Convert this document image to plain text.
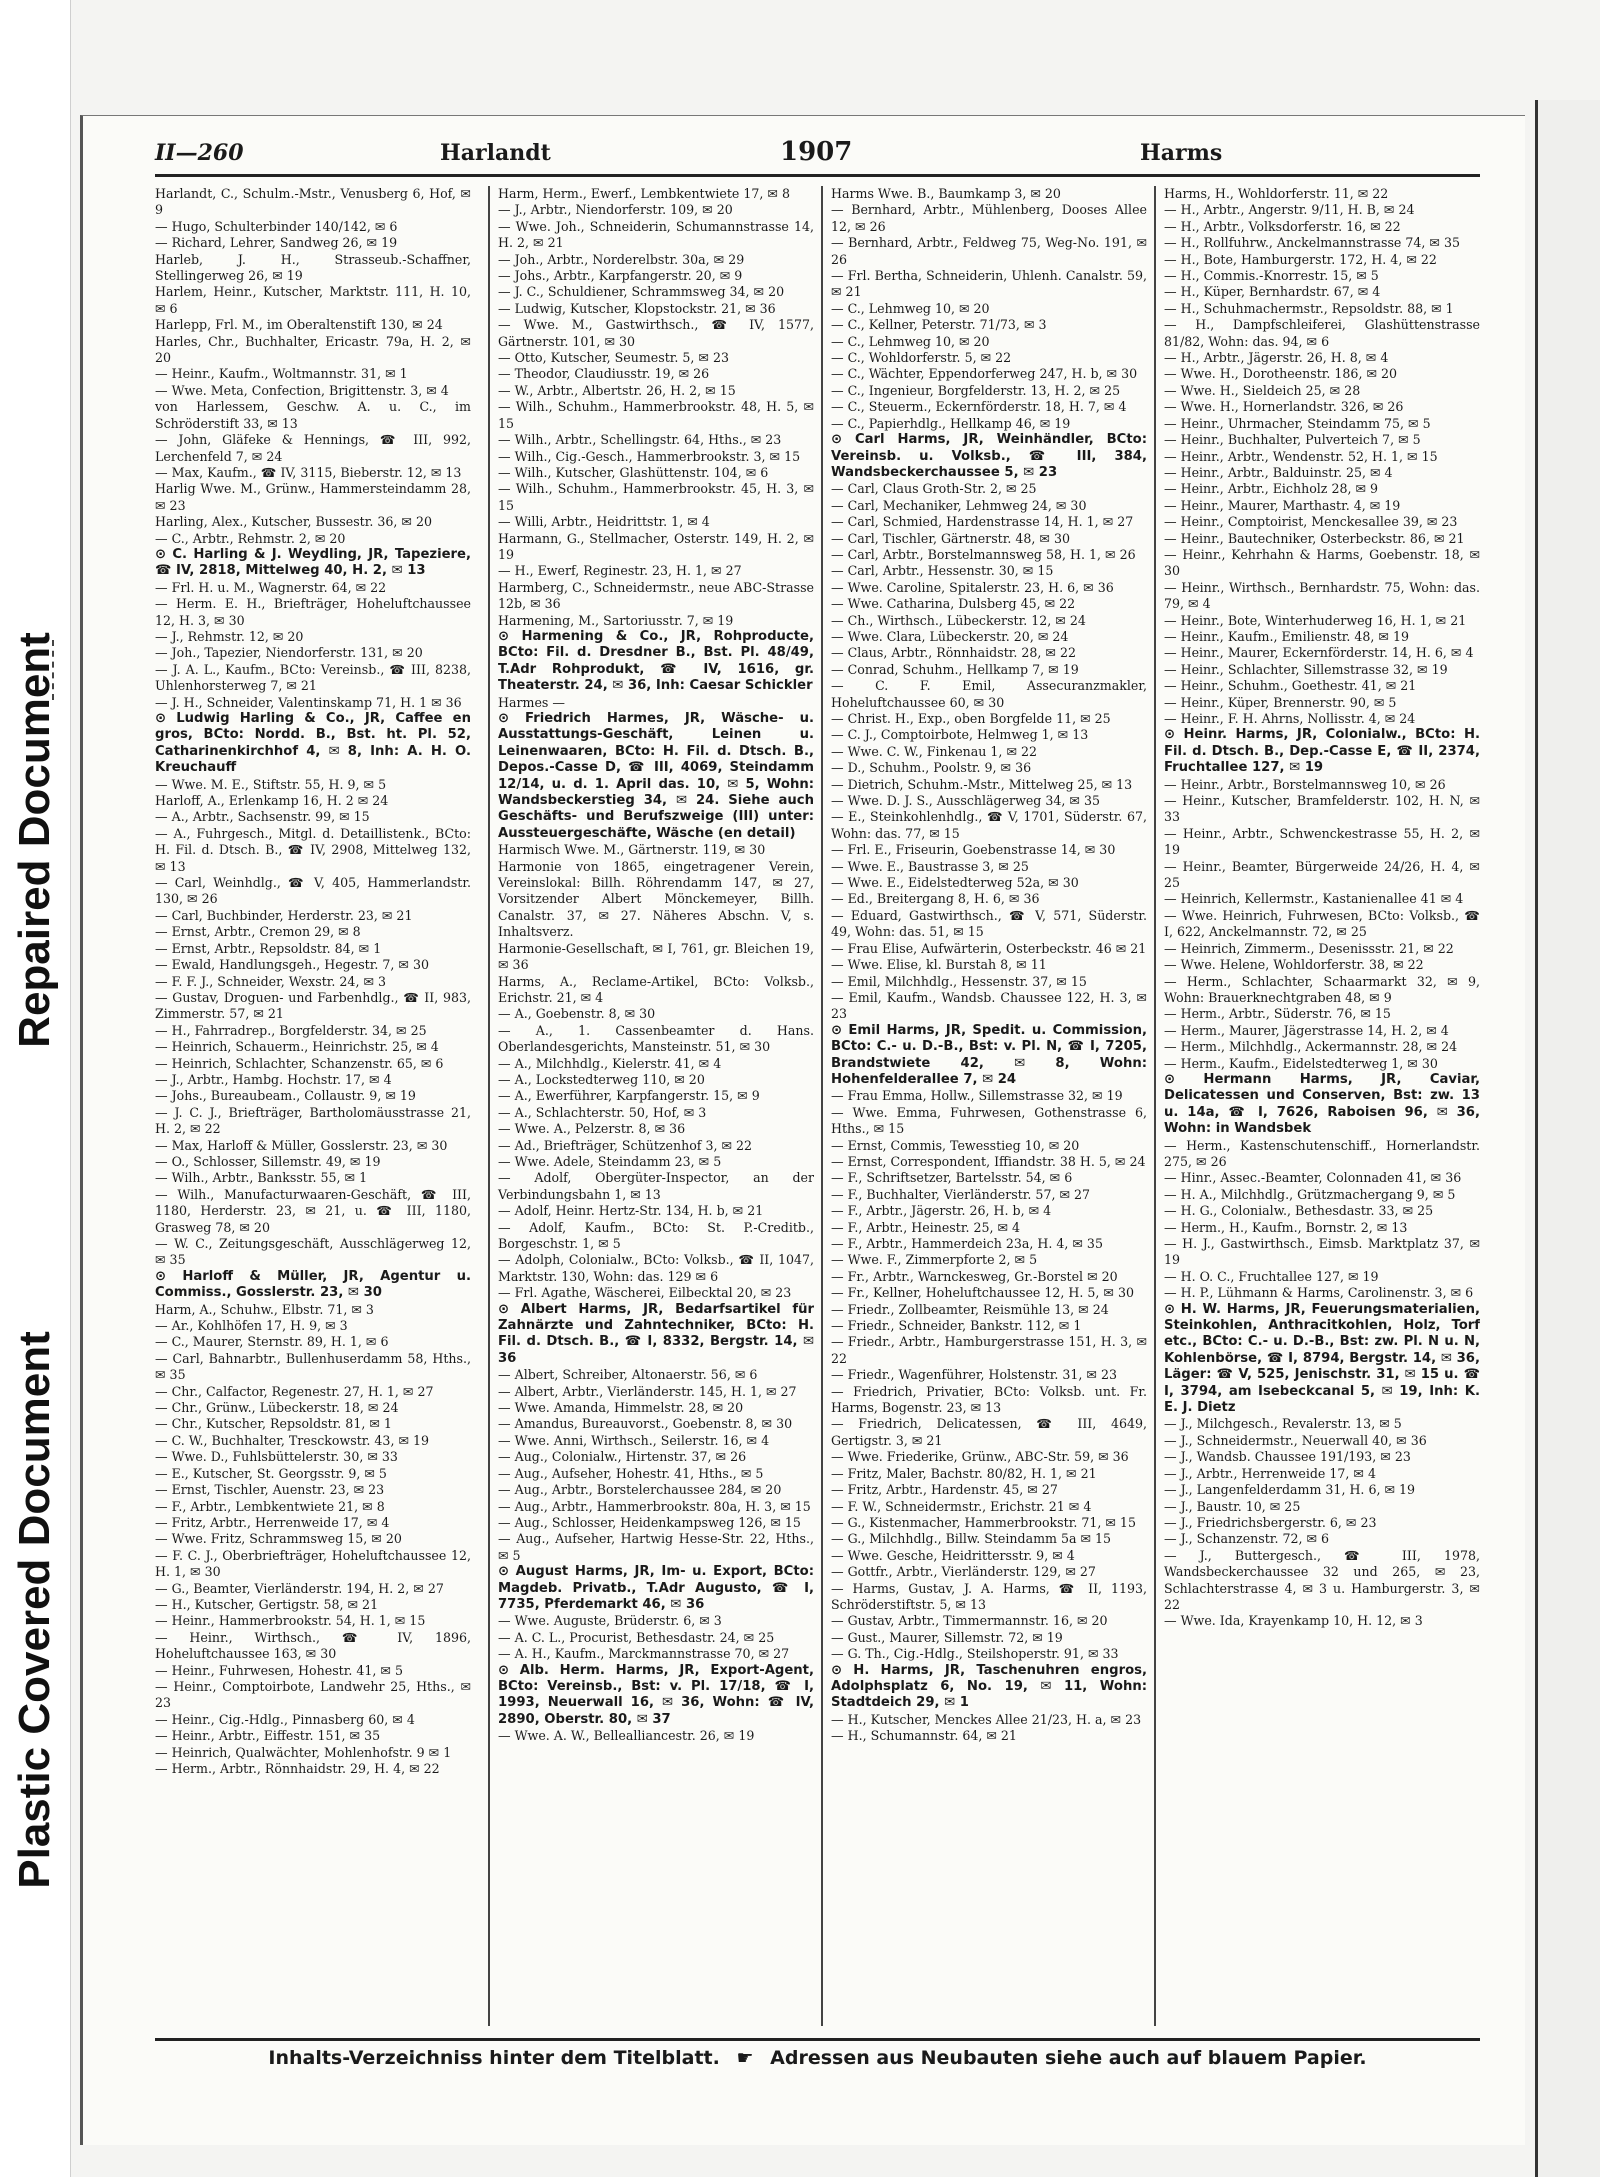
Repaired Document
Plastic Covered Document
II—260	Harlandt	1907	Harms

Harlandt, C., Schulm.-Mstr., Venusberg 6, Hof, ✉ 9

— Hugo, Schulterbinder 140/142, ✉ 6

— Richard, Lehrer, Sandweg 26, ✉ 19

Harleb, J. H., Strasseub.-Schaffner, Stellingerweg 26, ✉ 19

Harlem, Heinr., Kutscher, Marktstr. 111, H. 10, ✉ 6

Harlepp, Frl. M., im Oberaltenstift 130, ✉ 24

Harles, Chr., Buchhalter, Ericastr. 79a, H. 2, ✉ 20

— Heinr., Kaufm., Woltmannstr. 31, ✉ 1

— Wwe. Meta, Confection, Brigittenstr. 3, ✉ 4

von Harlessem, Geschw. A. u. C., im Schröderstift 33, ✉ 13

— John, Gläfeke & Hennings, ☎ III, 992, Lerchenfeld 7, ✉ 24

— Max, Kaufm., ☎ IV, 3115, Bieberstr. 12, ✉ 13

Harlig Wwe. M., Grünw., Hammersteindamm 28, ✉ 23

Harling, Alex., Kutscher, Bussestr. 36, ✉ 20

— C., Arbtr., Rehmstr. 2, ✉ 20

⊙ C. Harling & J. Weydling, JR, Tapeziere, ☎ IV, 2818, Mittelweg 40, H. 2, ✉ 13

— Frl. H. u. M., Wagnerstr. 64, ✉ 22

— Herm. E. H., Briefträger, Hoheluftchaussee 12, H. 3, ✉ 30

— J., Rehmstr. 12, ✉ 20

— Joh., Tapezier, Niendorferstr. 131, ✉ 20

— J. A. L., Kaufm., BCto: Vereinsb., ☎ III, 8238, Uhlenhorsterweg 7, ✉ 21

— J. H., Schneider, Valentinskamp 71, H. 1 ✉ 36

⊙ Ludwig Harling & Co., JR, Caffee en gros, BCto: Nordd. B., Bst. ht. Pl. 52, Catharinenkirchhof 4, ✉ 8, Inh: A. H. O. Kreuchauff

— Wwe. M. E., Stiftstr. 55, H. 9, ✉ 5

Harloff, A., Erlenkamp 16, H. 2 ✉ 24

— A., Arbtr., Sachsenstr. 99, ✉ 15

— A., Fuhrgesch., Mitgl. d. Detaillistenk., BCto: H. Fil. d. Dtsch. B., ☎ IV, 2908, Mittelweg 132, ✉ 13

— Carl, Weinhdlg., ☎ V, 405, Hammerlandstr. 130, ✉ 26

— Carl, Buchbinder, Herderstr. 23, ✉ 21

— Ernst, Arbtr., Cremon 29, ✉ 8

— Ernst, Arbtr., Repsoldstr. 84, ✉ 1

— Ewald, Handlungsgeh., Hegestr. 7, ✉ 30

— F. F. J., Schneider, Wexstr. 24, ✉ 3

— Gustav, Droguen- und Farbenhdlg., ☎ II, 983, Zimmerstr. 57, ✉ 21

— H., Fahrradrep., Borgfelderstr. 34, ✉ 25

— Heinrich, Schauerm., Heinrichstr. 25, ✉ 4

— Heinrich, Schlachter, Schanzenstr. 65, ✉ 6

— J., Arbtr., Hambg. Hochstr. 17, ✉ 4

— Johs., Bureaubeam., Collaustr. 9, ✉ 19

— J. C. J., Briefträger, Bartholomäusstrasse 21, H. 2, ✉ 22

— Max, Harloff & Müller, Gosslerstr. 23, ✉ 30

— O., Schlosser, Sillemstr. 49, ✉ 19

— Wilh., Arbtr., Banksstr. 55, ✉ 1

— Wilh., Manufacturwaaren-Geschäft, ☎ III, 1180, Herderstr. 23, ✉ 21, u. ☎ III, 1180, Grasweg 78, ✉ 20

— W. C., Zeitungsgeschäft, Ausschlägerweg 12, ✉ 35

⊙ Harloff & Müller, JR, Agentur u. Commiss., Gosslerstr. 23, ✉ 30

Harm, A., Schuhw., Elbstr. 71, ✉ 3

— Ar., Kohlhöfen 17, H. 9, ✉ 3

— C., Maurer, Sternstr. 89, H. 1, ✉ 6

— Carl, Bahnarbtr., Bullenhuserdamm 58, Hths., ✉ 35

— Chr., Calfactor, Regenestr. 27, H. 1, ✉ 27

— Chr., Grünw., Lübeckerstr. 18, ✉ 24

— Chr., Kutscher, Repsoldstr. 81, ✉ 1

— C. W., Buchhalter, Tresckowstr. 43, ✉ 19

— Wwe. D., Fuhlsbüttelerstr. 30, ✉ 33

— E., Kutscher, St. Georgsstr. 9, ✉ 5

— Ernst, Tischler, Auenstr. 23, ✉ 23

— F., Arbtr., Lembkentwiete 21, ✉ 8

— Fritz, Arbtr., Herrenweide 17, ✉ 4

— Wwe. Fritz, Schrammsweg 15, ✉ 20

— F. C. J., Oberbriefträger, Hoheluftchaussee 12, H. 1, ✉ 30

— G., Beamter, Vierländerstr. 194, H. 2, ✉ 27

— H., Kutscher, Gertigstr. 58, ✉ 21

— Heinr., Hammerbrookstr. 54, H. 1, ✉ 15

— Heinr., Wirthsch., ☎ IV, 1896, Hoheluftchaussee 163, ✉ 30

— Heinr., Fuhrwesen, Hohestr. 41, ✉ 5

— Heinr., Comptoirbote, Landwehr 25, Hths., ✉ 23

— Heinr., Cig.-Hdlg., Pinnasberg 60, ✉ 4

— Heinr., Arbtr., Eiffestr. 151, ✉ 35

— Heinrich, Qualwächter, Mohlenhofstr. 9 ✉ 1

— Herm., Arbtr., Rönnhaidstr. 29, H. 4, ✉ 22

Harm, Herm., Ewerf., Lembkentwiete 17, ✉ 8

— J., Arbtr., Niendorferstr. 109, ✉ 20

— Wwe. Joh., Schneiderin, Schumannstrasse 14, H. 2, ✉ 21

— Joh., Arbtr., Norderelbstr. 30a, ✉ 29

— Johs., Arbtr., Karpfangerstr. 20, ✉ 9

— J. C., Schuldiener, Schrammsweg 34, ✉ 20

— Ludwig, Kutscher, Klopstockstr. 21, ✉ 36

— Wwe. M., Gastwirthsch., ☎ IV, 1577, Gärtnerstr. 101, ✉ 30

— Otto, Kutscher, Seumestr. 5, ✉ 23

— Theodor, Claudiusstr. 19, ✉ 26

— W., Arbtr., Albertstr. 26, H. 2, ✉ 15

— Wilh., Schuhm., Hammerbrookstr. 48, H. 5, ✉ 15

— Wilh., Arbtr., Schellingstr. 64, Hths., ✉ 23

— Wilh., Cig.-Gesch., Hammerbrookstr. 3, ✉ 15

— Wilh., Kutscher, Glashüttenstr. 104, ✉ 6

— Wilh., Schuhm., Hammerbrookstr. 45, H. 3, ✉ 15

— Willi, Arbtr., Heidrittstr. 1, ✉ 4

Harmann, G., Stellmacher, Osterstr. 149, H. 2, ✉ 19

— H., Ewerf, Reginestr. 23, H. 1, ✉ 27

Harmberg, C., Schneidermstr., neue ABC-Strasse 12b, ✉ 36

Harmening, M., Sartoriusstr. 7, ✉ 19

⊙ Harmening & Co., JR, Rohproducte, BCto: Fil. d. Dresdner B., Bst. Pl. 48/49, T.Adr Rohprodukt, ☎ IV, 1616, gr. Theaterstr. 24, ✉ 36, Inh: Caesar Schickler

Harmes —

⊙ Friedrich Harmes, JR, Wäsche- u. Ausstattungs-Geschäft, Leinen u. Leinenwaaren, BCto: H. Fil. d. Dtsch. B., Depos.-Casse D, ☎ III, 4069, Steindamm 12/14, u. d. 1. April das. 10, ✉ 5, Wohn: Wandsbeckerstieg 34, ✉ 24. Siehe auch Geschäfts- und Berufszweige (III) unter: Aussteuergeschäfte, Wäsche (en detail)

Harmisch Wwe. M., Gärtnerstr. 119, ✉ 30

Harmonie von 1865, eingetragener Verein, Vereinslokal: Billh. Röhrendamm 147, ✉ 27, Vorsitzender Albert Mönckemeyer, Billh. Canalstr. 37, ✉ 27. Näheres Abschn. V, s. Inhaltsverz.

Harmonie-Gesellschaft, ✉ I, 761, gr. Bleichen 19, ✉ 36

Harms, A., Reclame-Artikel, BCto: Volksb., Erichstr. 21, ✉ 4

— A., Goebenstr. 8, ✉ 30

— A., 1. Cassenbeamter d. Hans. Oberlandesgerichts, Mansteinstr. 51, ✉ 30

— A., Milchhdlg., Kielerstr. 41, ✉ 4

— A., Lockstedterweg 110, ✉ 20

— A., Ewerführer, Karpfangerstr. 15, ✉ 9

— A., Schlachterstr. 50, Hof, ✉ 3

— Wwe. A., Pelzerstr. 8, ✉ 36

— Ad., Briefträger, Schützenhof 3, ✉ 22

— Wwe. Adele, Steindamm 23, ✉ 5

— Adolf, Obergüter-Inspector, an der Verbindungsbahn 1, ✉ 13

— Adolf, Heinr. Hertz-Str. 134, H. b, ✉ 21

— Adolf, Kaufm., BCto: St. P.-Creditb., Borgeschstr. 1, ✉ 5

— Adolph, Colonialw., BCto: Volksb., ☎ II, 1047, Marktstr. 130, Wohn: das. 129 ✉ 6

— Frl. Agathe, Wäscherei, Eilbecktal 20, ✉ 23

⊙ Albert Harms, JR, Bedarfsartikel für Zahnärzte und Zahntechniker, BCto: H. Fil. d. Dtsch. B., ☎ I, 8332, Bergstr. 14, ✉ 36

— Albert, Schreiber, Altonaerstr. 56, ✉ 6

— Albert, Arbtr., Vierländerstr. 145, H. 1, ✉ 27

— Wwe. Amanda, Himmelstr. 28, ✉ 20

— Amandus, Bureauvorst., Goebenstr. 8, ✉ 30

— Wwe. Anni, Wirthsch., Seilerstr. 16, ✉ 4

— Aug., Colonialw., Hirtenstr. 37, ✉ 26

— Aug., Aufseher, Hohestr. 41, Hths., ✉ 5

— Aug., Arbtr., Borstelerchaussee 284, ✉ 20

— Aug., Arbtr., Hammerbrookstr. 80a, H. 3, ✉ 15

— Aug., Schlosser, Heidenkampsweg 126, ✉ 15

— Aug., Aufseher, Hartwig Hesse-Str. 22, Hths., ✉ 5

⊙ August Harms, JR, Im- u. Export, BCto: Magdeb. Privatb., T.Adr Augusto, ☎ I, 7735, Pferdemarkt 46, ✉ 36

— Wwe. Auguste, Brüderstr. 6, ✉ 3

— A. C. L., Procurist, Bethesdastr. 24, ✉ 25

— A. H., Kaufm., Marckmannstrasse 70, ✉ 27

⊙ Alb. Herm. Harms, JR, Export-Agent, BCto: Vereinsb., Bst: v. Pl. 17/18, ☎ I, 1993, Neuerwall 16, ✉ 36, Wohn: ☎ IV, 2890, Oberstr. 80, ✉ 37

— Wwe. A. W., Bellealliancestr. 26, ✉ 19

Harms Wwe. B., Baumkamp 3, ✉ 20

— Bernhard, Arbtr., Mühlenberg, Dooses Allee 12, ✉ 26

— Bernhard, Arbtr., Feldweg 75, Weg-No. 191, ✉ 26

— Frl. Bertha, Schneiderin, Uhlenh. Canalstr. 59, ✉ 21

— C., Lehmweg 10, ✉ 20

— C., Kellner, Peterstr. 71/73, ✉ 3

— C., Lehmweg 10, ✉ 20

— C., Wohldorferstr. 5, ✉ 22

— C., Wächter, Eppendorferweg 247, H. b, ✉ 30

— C., Ingenieur, Borgfelderstr. 13, H. 2, ✉ 25

— C., Steuerm., Eckernförderstr. 18, H. 7, ✉ 4

— C., Papierhdlg., Hellkamp 46, ✉ 19

⊙ Carl Harms, JR, Weinhändler, BCto: Vereinsb. u. Volksb., ☎ III, 384, Wandsbeckerchaussee 5, ✉ 23

— Carl, Claus Groth-Str. 2, ✉ 25

— Carl, Mechaniker, Lehmweg 24, ✉ 30

— Carl, Schmied, Hardenstrasse 14, H. 1, ✉ 27

— Carl, Tischler, Gärtnerstr. 48, ✉ 30

— Carl, Arbtr., Borstelmannsweg 58, H. 1, ✉ 26

— Carl, Arbtr., Hessenstr. 30, ✉ 15

— Wwe. Caroline, Spitalerstr. 23, H. 6, ✉ 36

— Wwe. Catharina, Dulsberg 45, ✉ 22

— Ch., Wirthsch., Lübeckerstr. 12, ✉ 24

— Wwe. Clara, Lübeckerstr. 20, ✉ 24

— Claus, Arbtr., Rönnhaidstr. 28, ✉ 22

— Conrad, Schuhm., Hellkamp 7, ✉ 19

— C. F. Emil, Assecuranzmakler, Hoheluftchaussee 60, ✉ 30

— Christ. H., Exp., oben Borgfelde 11, ✉ 25

— C. J., Comptoirbote, Helmweg 1, ✉ 13

— Wwe. C. W., Finkenau 1, ✉ 22

— D., Schuhm., Poolstr. 9, ✉ 36

— Dietrich, Schuhm.-Mstr., Mittelweg 25, ✉ 13

— Wwe. D. J. S., Ausschlägerweg 34, ✉ 35

— E., Steinkohlenhdlg., ☎ V, 1701, Süderstr. 67, Wohn: das. 77, ✉ 15

— Frl. E., Friseurin, Goebenstrasse 14, ✉ 30

— Wwe. E., Baustrasse 3, ✉ 25

— Wwe. E., Eidelstedterweg 52a, ✉ 30

— Ed., Breitergang 8, H. 6, ✉ 36

— Eduard, Gastwirthsch., ☎ V, 571, Süderstr. 49, Wohn: das. 51, ✉ 15

— Frau Elise, Aufwärterin, Osterbeckstr. 46 ✉ 21

— Wwe. Elise, kl. Burstah 8, ✉ 11

— Emil, Milchhdlg., Hessenstr. 37, ✉ 15

— Emil, Kaufm., Wandsb. Chaussee 122, H. 3, ✉ 23

⊙ Emil Harms, JR, Spedit. u. Commission, BCto: C.- u. D.-B., Bst: v. Pl. N, ☎ I, 7205, Brandstwiete 42, ✉ 8, Wohn: Hohenfelderallee 7, ✉ 24

— Frau Emma, Hollw., Sillemstrasse 32, ✉ 19

— Wwe. Emma, Fuhrwesen, Gothenstrasse 6, Hths., ✉ 15

— Ernst, Commis, Tewesstieg 10, ✉ 20

— Ernst, Correspondent, Iffiandstr. 38 H. 5, ✉ 24

— F., Schriftsetzer, Bartelsstr. 54, ✉ 6

— F., Buchhalter, Vierländerstr. 57, ✉ 27

— F., Arbtr., Jägerstr. 26, H. b, ✉ 4

— F., Arbtr., Heinestr. 25, ✉ 4

— F., Arbtr., Hammerdeich 23a, H. 4, ✉ 35

— Wwe. F., Zimmerpforte 2, ✉ 5

— Fr., Arbtr., Warnckesweg, Gr.-Borstel ✉ 20

— Fr., Kellner, Hoheluftchaussee 12, H. 5, ✉ 30

— Friedr., Zollbeamter, Reismühle 13, ✉ 24

— Friedr., Schneider, Bankstr. 112, ✉ 1

— Friedr., Arbtr., Hamburgerstrasse 151, H. 3, ✉ 22

— Friedr., Wagenführer, Holstenstr. 31, ✉ 23

— Friedrich, Privatier, BCto: Volksb. unt. Fr. Harms, Bogenstr. 23, ✉ 13

— Friedrich, Delicatessen, ☎ III, 4649, Gertigstr. 3, ✉ 21

— Wwe. Friederike, Grünw., ABC-Str. 59, ✉ 36

— Fritz, Maler, Bachstr. 80/82, H. 1, ✉ 21

— Fritz, Arbtr., Hardenstr. 45, ✉ 27

— F. W., Schneidermstr., Erichstr. 21 ✉ 4

— G., Kistenmacher, Hammerbrookstr. 71, ✉ 15

— G., Milchhdlg., Billw. Steindamm 5a ✉ 15

— Wwe. Gesche, Heidrittersstr. 9, ✉ 4

— Gottfr., Arbtr., Vierländerstr. 129, ✉ 27

— Harms, Gustav, J. A. Harms, ☎ II, 1193, Schröderstiftstr. 5, ✉ 13

— Gustav, Arbtr., Timmermannstr. 16, ✉ 20

— Gust., Maurer, Sillemstr. 72, ✉ 19

— G. Th., Cig.-Hdlg., Steilshoperstr. 91, ✉ 33

⊙ H. Harms, JR, Taschenuhren engros, Adolphsplatz 6, No. 19, ✉ 11, Wohn: Stadtdeich 29, ✉ 1

— H., Kutscher, Menckes Allee 21/23, H. a, ✉ 23

— H., Schumannstr. 64, ✉ 21

Harms, H., Wohldorferstr. 11, ✉ 22

— H., Arbtr., Angerstr. 9/11, H. B, ✉ 24

— H., Arbtr., Volksdorferstr. 16, ✉ 22

— H., Rollfuhrw., Anckelmannstrasse 74, ✉ 35

— H., Bote, Hamburgerstr. 172, H. 4, ✉ 22

— H., Commis.-Knorrestr. 15, ✉ 5

— H., Küper, Bernhardstr. 67, ✉ 4

— H., Schuhmachermstr., Repsoldstr. 88, ✉ 1

— H., Dampfschleiferei, Glashüttenstrasse 81/82, Wohn: das. 94, ✉ 6

— H., Arbtr., Jägerstr. 26, H. 8, ✉ 4

— Wwe. H., Dorotheenstr. 186, ✉ 20

— Wwe. H., Sieldeich 25, ✉ 28

— Wwe. H., Hornerlandstr. 326, ✉ 26

— Heinr., Uhrmacher, Steindamm 75, ✉ 5

— Heinr., Buchhalter, Pulverteich 7, ✉ 5

— Heinr., Arbtr., Wendenstr. 52, H. 1, ✉ 15

— Heinr., Arbtr., Balduinstr. 25, ✉ 4

— Heinr., Arbtr., Eichholz 28, ✉ 9

— Heinr., Maurer, Marthastr. 4, ✉ 19

— Heinr., Comptoirist, Menckesallee 39, ✉ 23

— Heinr., Bautechniker, Osterbeckstr. 86, ✉ 21

— Heinr., Kehrhahn & Harms, Goebenstr. 18, ✉ 30

— Heinr., Wirthsch., Bernhardstr. 75, Wohn: das. 79, ✉ 4

— Heinr., Bote, Winterhuderweg 16, H. 1, ✉ 21

— Heinr., Kaufm., Emilienstr. 48, ✉ 19

— Heinr., Maurer, Eckernförderstr. 14, H. 6, ✉ 4

— Heinr., Schlachter, Sillemstrasse 32, ✉ 19

— Heinr., Schuhm., Goethestr. 41, ✉ 21

— Heinr., Küper, Brennerstr. 90, ✉ 5

— Heinr., F. H. Ahrns, Nollisstr. 4, ✉ 24

⊙ Heinr. Harms, JR, Colonialw., BCto: H. Fil. d. Dtsch. B., Dep.-Casse E, ☎ II, 2374, Fruchtallee 127, ✉ 19

— Heinr., Arbtr., Borstelmannsweg 10, ✉ 26

— Heinr., Kutscher, Bramfelderstr. 102, H. N, ✉ 33

— Heinr., Arbtr., Schwenckestrasse 55, H. 2, ✉ 19

— Heinr., Beamter, Bürgerweide 24/26, H. 4, ✉ 25

— Heinrich, Kellermstr., Kastanienallee 41 ✉ 4

— Wwe. Heinrich, Fuhrwesen, BCto: Volksb., ☎ I, 622, Anckelmannstr. 72, ✉ 25

— Heinrich, Zimmerm., Desenissstr. 21, ✉ 22

— Wwe. Helene, Wohldorferstr. 38, ✉ 22

— Herm., Schlachter, Schaarmarkt 32, ✉ 9, Wohn: Brauerknechtgraben 48, ✉ 9

— Herm., Arbtr., Süderstr. 76, ✉ 15

— Herm., Maurer, Jägerstrasse 14, H. 2, ✉ 4

— Herm., Milchhdlg., Ackermannstr. 28, ✉ 24

— Herm., Kaufm., Eidelstedterweg 1, ✉ 30

⊙ Hermann Harms, JR, Caviar, Delicatessen und Conserven, Bst: zw. 13 u. 14a, ☎ I, 7626, Raboisen 96, ✉ 36, Wohn: in Wandsbek

— Herm., Kastenschutenschiff., Hornerlandstr. 275, ✉ 26

— Hinr., Assec.-Beamter, Colonnaden 41, ✉ 36

— H. A., Milchhdlg., Grützmachergang 9, ✉ 5

— H. G., Colonialw., Bethesdastr. 33, ✉ 25

— Herm., H., Kaufm., Bornstr. 2, ✉ 13

— H. J., Gastwirthsch., Eimsb. Marktplatz 37, ✉ 19

— H. O. C., Fruchtallee 127, ✉ 19

— H. P., Lühmann & Harms, Carolinenstr. 3, ✉ 6

⊙ H. W. Harms, JR, Feuerungsmaterialien, Steinkohlen, Anthracitkohlen, Holz, Torf etc., BCto: C.- u. D.-B., Bst: zw. Pl. N u. N, Kohlenbörse, ☎ I, 8794, Bergstr. 14, ✉ 36, Läger: ☎ V, 525, Jenischstr. 31, ✉ 15 u. ☎ I, 3794, am Isebeckcanal 5, ✉ 19, Inh: K. E. J. Dietz

— J., Milchgesch., Revalerstr. 13, ✉ 5

— J., Schneidermstr., Neuerwall 40, ✉ 36

— J., Wandsb. Chaussee 191/193, ✉ 23

— J., Arbtr., Herrenweide 17, ✉ 4

— J., Langenfelderdamm 31, H. 6, ✉ 19

— J., Baustr. 10, ✉ 25

— J., Friedrichsbergerstr. 6, ✉ 23

— J., Schanzenstr. 72, ✉ 6

— J., Buttergesch., ☎ III, 1978, Wandsbeckerchaussee 32 und 265, ✉ 23, Schlachterstrasse 4, ✉ 3 u. Hamburgerstr. 3, ✉ 22

— Wwe. Ida, Krayenkamp 10, H. 12, ✉ 3

Inhalts-Verzeichniss hinter dem Titelblatt. ☛ Adressen aus Neubauten siehe auch auf blauem Papier.
